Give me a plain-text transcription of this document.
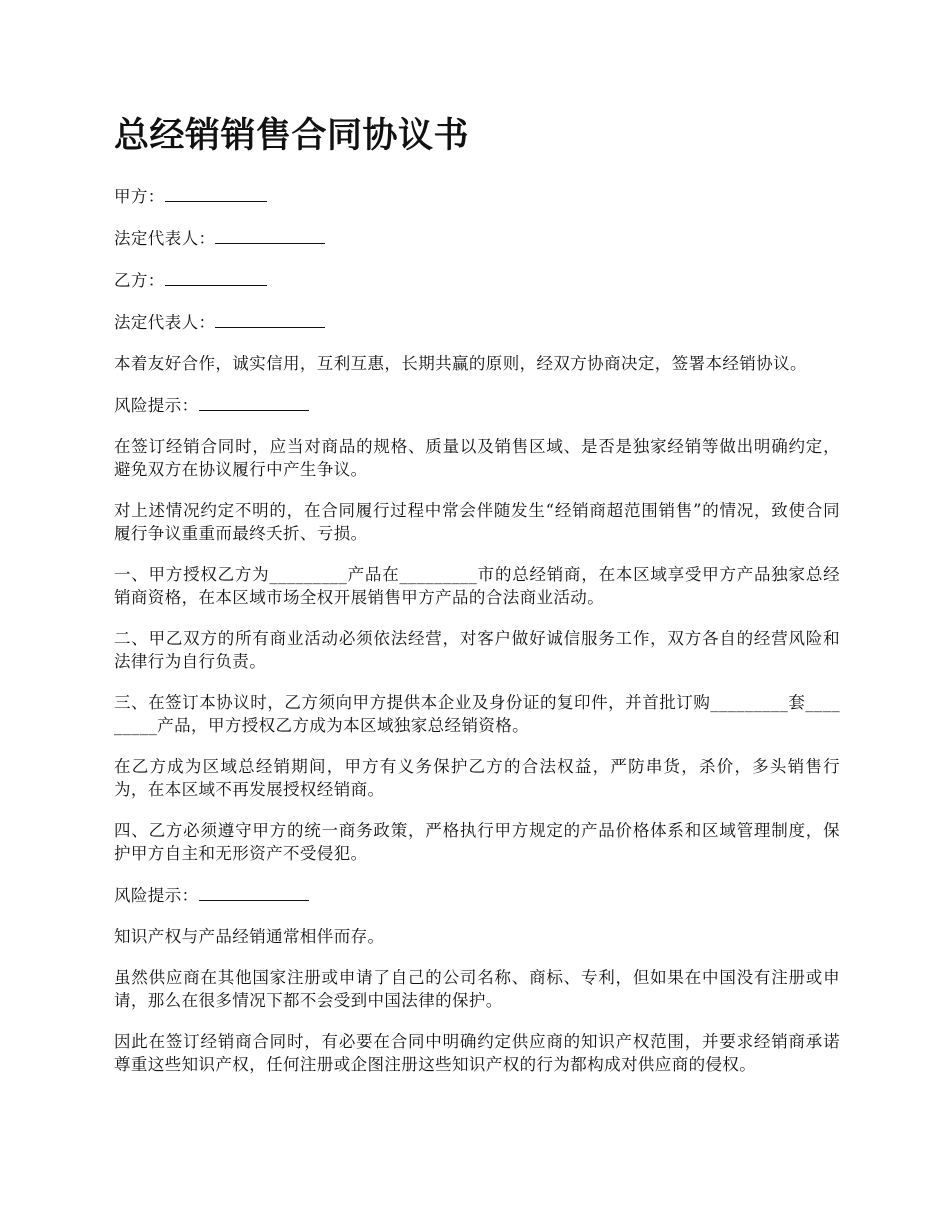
总经销销售合同协议书
甲方：
法定代表人：
乙方：
法定代表人：

本着友好合作，诚实信用，互利互惠，长期共赢的原则，经双方协商决定，签署本经销协议。

风险提示：

在签订经销合同时，应当对商品的规格、质量以及销售区域、是否是独家经销等做出明确约定，避免双方在协议履行中产生争议。

对上述情况约定不明的，在合同履行过程中常会伴随发生“经销商超范围销售”的情况，致使合同履行争议重重而最终夭折、亏损。

一、甲方授权乙方为_________产品在_________市的总经销商，在本区域享受甲方产品独家总经销商资格，在本区域市场全权开展销售甲方产品的合法商业活动。

二、甲乙双方的所有商业活动必须依法经营，对客户做好诚信服务工作，双方各自的经营风险和法律行为自行负责。

三、在签订本协议时，乙方须向甲方提供本企业及身份证的复印件，并首批订购_________套_________产品，甲方授权乙方成为本区域独家总经销资格。

在乙方成为区域总经销期间，甲方有义务保护乙方的合法权益，严防串货，杀价，多头销售行为，在本区域不再发展授权经销商。

四、乙方必须遵守甲方的统一商务政策，严格执行甲方规定的产品价格体系和区域管理制度，保护甲方自主和无形资产不受侵犯。

风险提示：

知识产权与产品经销通常相伴而存。

虽然供应商在其他国家注册或申请了自己的公司名称、商标、专利，但如果在中国没有注册或申请，那么在很多情况下都不会受到中国法律的保护。

因此在签订经销商合同时，有必要在合同中明确约定供应商的知识产权范围，并要求经销商承诺尊重这些知识产权，任何注册或企图注册这些知识产权的行为都构成对供应商的侵权。
